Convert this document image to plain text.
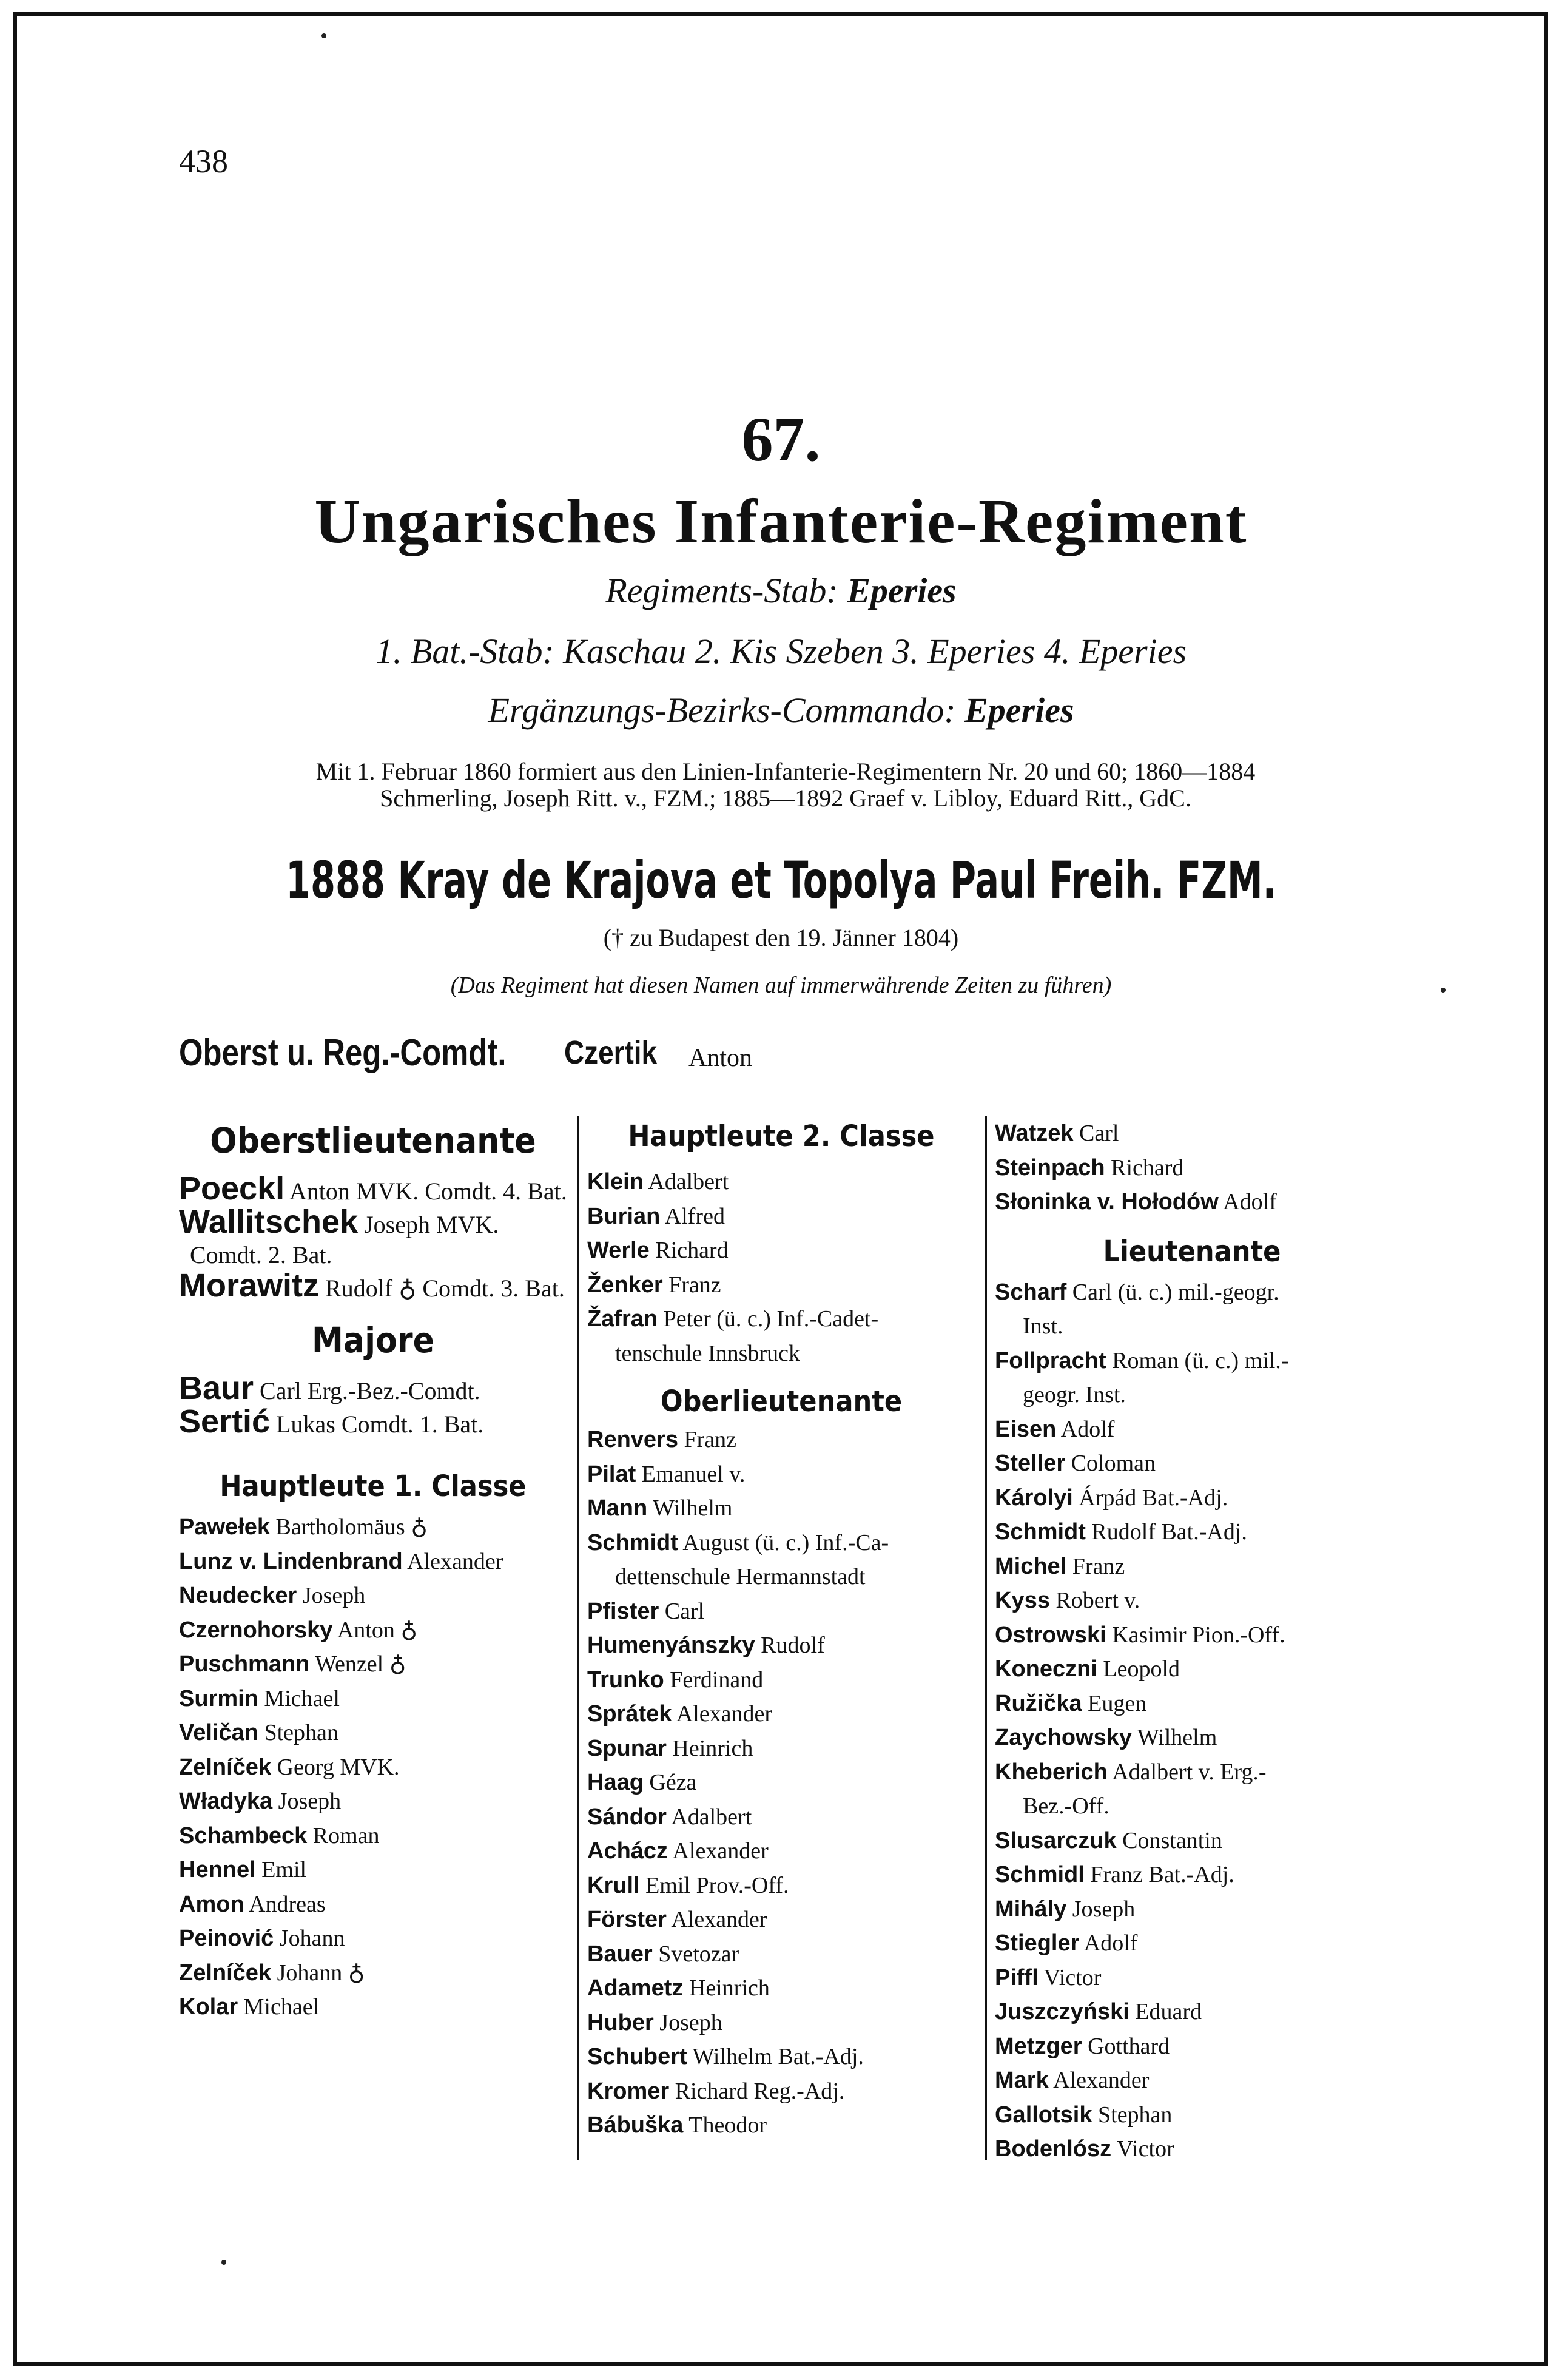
438
67.
Ungarisches Infanterie-Regiment
Regiments-Stab: Eperies
1. Bat.-Stab: Kaschau 2. Kis Szeben 3. Eperies 4. Eperies
Ergänzungs-Bezirks-Commando: Eperies
Mit 1. Februar 1860 formiert aus den Linien-Infanterie-Regimentern Nr. 20 und 60; 1860—1884
Schmerling, Joseph Ritt. v., FZM.; 1885—1892 Graef v. Libloy, Eduard Ritt., GdC.
1888 Kray de Krajova et Topolya Paul Freih. FZM.
(† zu Budapest den 19. Jänner 1804)
(Das Regiment hat diesen Namen auf immerwährende Zeiten zu führen)
Oberst u. Reg.-Comdt. Czertik Anton
Oberstlieutenante
Poeckl Anton MVK. Comdt. 4. Bat.
Wallitschek Joseph MVK. Comdt. 2. Bat.
Morawitz Rudolf ♁ Comdt. 3. Bat.
Majore
Baur Carl Erg.-Bez.-Comdt.
Sertić Lukas Comdt. 1. Bat.
Hauptleute 1. Classe
Pawełek Bartholomäus ♁
Lunz v. Lindenbrand Alexander
Neudecker Joseph
Czernohorsky Anton ♁
Puschmann Wenzel ♁
Surmin Michael
Veličan Stephan
Zelníček Georg MVK.
Władyka Joseph
Schambeck Roman
Hennel Emil
Amon Andreas
Peinović Johann
Zelníček Johann ♁
Kolar Michael
Hauptleute 2. Classe
Klein Adalbert
Burian Alfred
Werle Richard
Ženker Franz
Žafran Peter (ü. c.) Inf.-Cadet-
tenschule Innsbruck
Oberlieutenante
Renvers Franz
Pilat Emanuel v.
Mann Wilhelm
Schmidt August (ü. c.) Inf.-Ca-
dettenschule Hermannstadt
Pfister Carl
Humenyánszky Rudolf
Trunko Ferdinand
Sprátek Alexander
Spunar Heinrich
Haag Géza
Sándor Adalbert
Achácz Alexander
Krull Emil Prov.-Off.
Förster Alexander
Bauer Svetozar
Adametz Heinrich
Huber Joseph
Schubert Wilhelm Bat.-Adj.
Kromer Richard Reg.-Adj.
Bábuška Theodor
Watzek Carl
Steinpach Richard
Słoninka v. Hołodów Adolf
Lieutenante
Scharf Carl (ü. c.) mil.-geogr.
Inst.
Follpracht Roman (ü. c.) mil.-
geogr. Inst.
Eisen Adolf
Steller Coloman
Károlyi Árpád Bat.-Adj.
Schmidt Rudolf Bat.-Adj.
Michel Franz
Kyss Robert v.
Ostrowski Kasimir Pion.-Off.
Koneczni Leopold
Ružička Eugen
Zaychowsky Wilhelm
Kheberich Adalbert v. Erg.-
Bez.-Off.
Slusarczuk Constantin
Schmidl Franz Bat.-Adj.
Mihály Joseph
Stiegler Adolf
Piffl Victor
Juszczyński Eduard
Metzger Gotthard
Mark Alexander
Gallotsik Stephan
Bodenlósz Victor
